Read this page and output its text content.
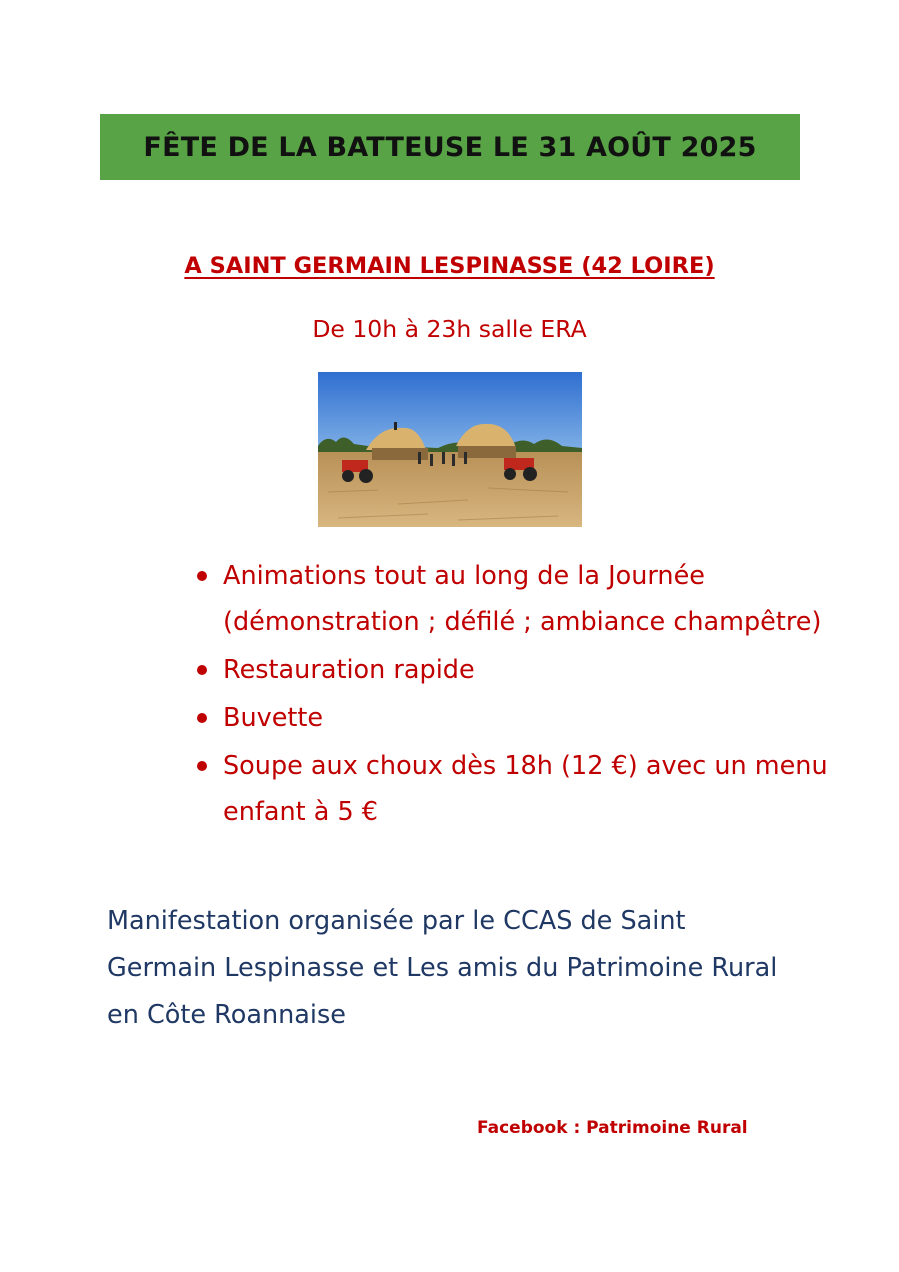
FÊTE DE LA BATTEUSE LE 31 AOÛT 2025
A SAINT GERMAIN LESPINASSE (42 LOIRE)
De 10h à 23h salle ERA
Animations tout au long de la Journée (démonstration ; défilé ; ambiance champêtre)
Restauration rapide
Buvette
Soupe aux choux dès 18h (12 €) avec un menu enfant à 5 €
Manifestation organisée par le CCAS de Saint Germain Lespinasse et Les amis du Patrimoine Rural en Côte Roannaise
Facebook : Patrimoine Rural
